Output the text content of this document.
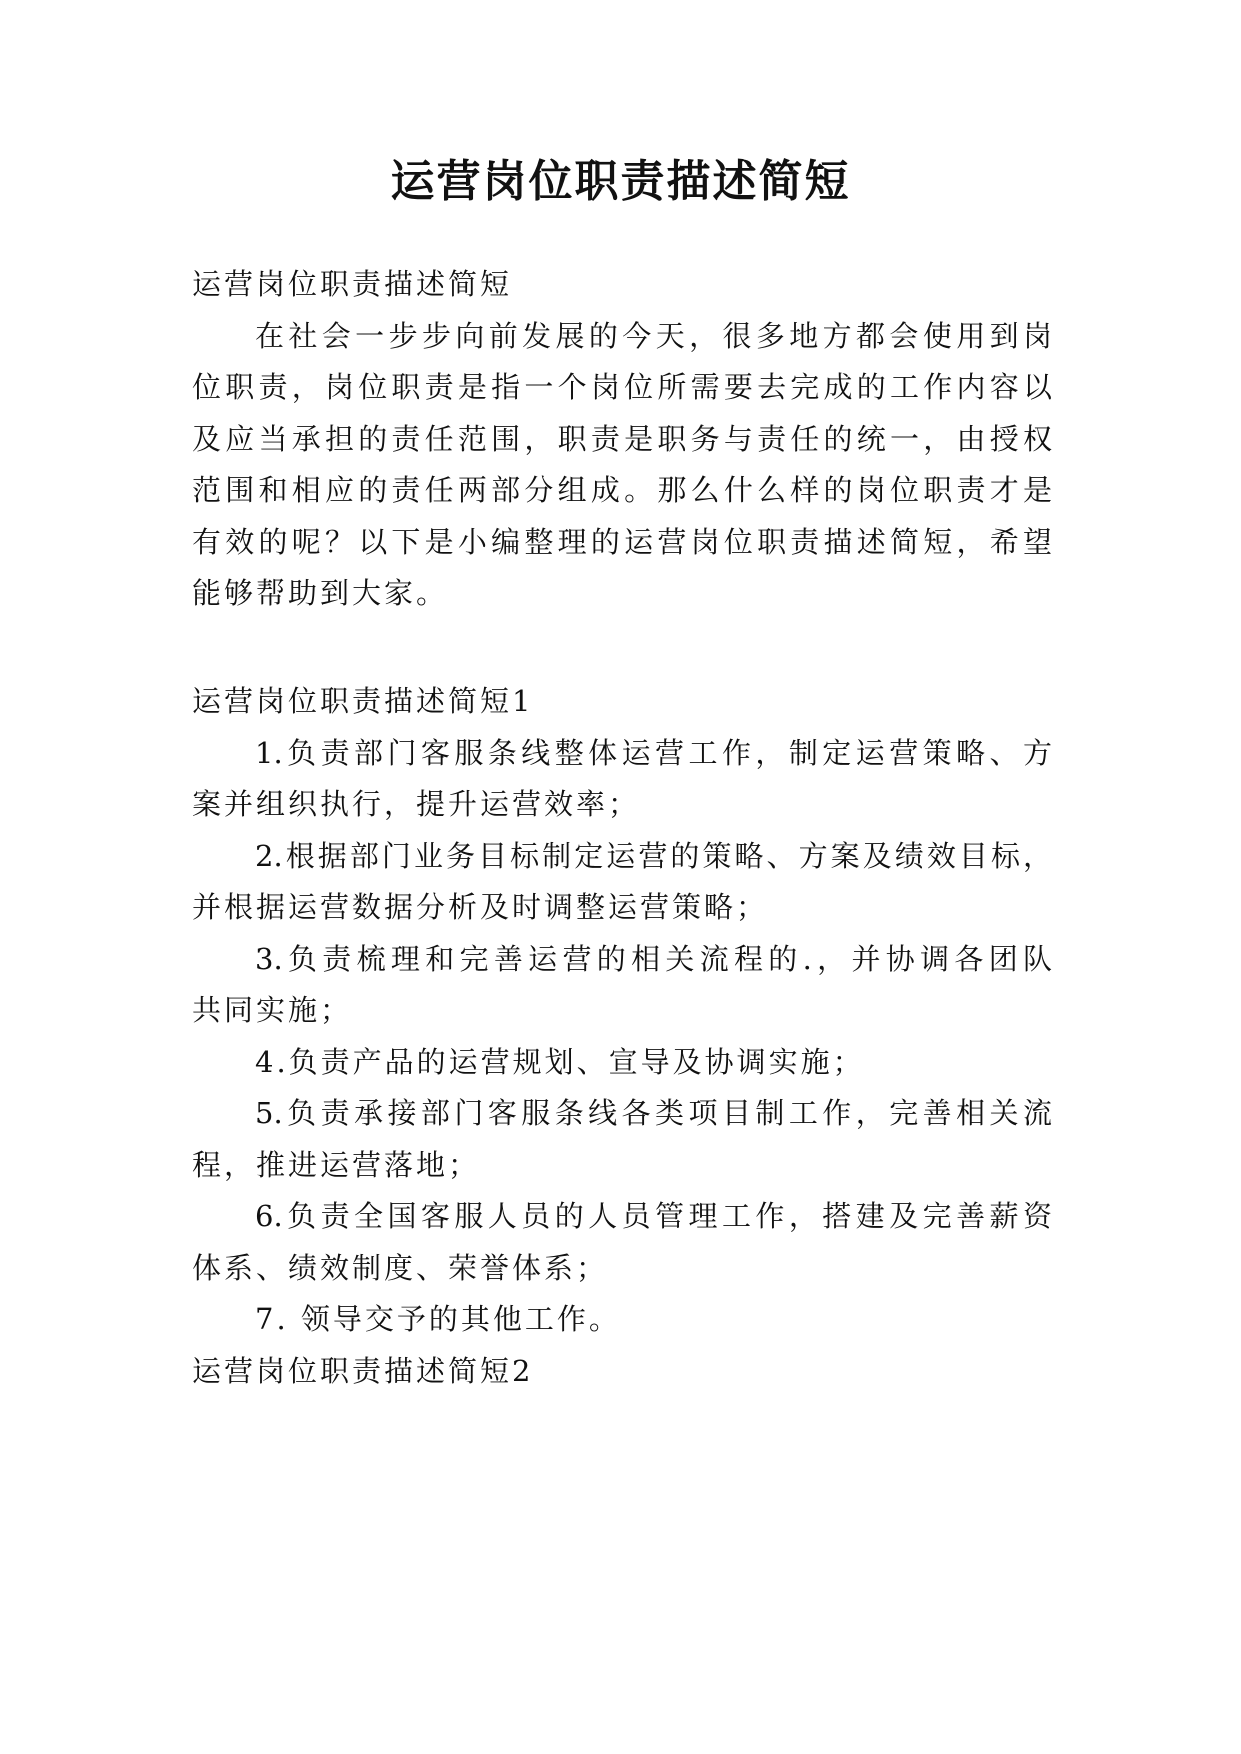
运营岗位职责描述简短
运营岗位职责描述简短
在社会一步步向前发展的今天，很多地方都会使用到岗
位职责，岗位职责是指一个岗位所需要去完成的工作内容以
及应当承担的责任范围，职责是职务与责任的统一，由授权
范围和相应的责任两部分组成。那么什么样的岗位职责才是
有效的呢？以下是小编整理的运营岗位职责描述简短，希望
能够帮助到大家。
运营岗位职责描述简短1
1.负责部门客服条线整体运营工作，制定运营策略、方
案并组织执行，提升运营效率；
2.根据部门业务目标制定运营的策略、方案及绩效目标，
并根据运营数据分析及时调整运营策略；
3.负责梳理和完善运营的相关流程的.，并协调各团队
共同实施；
4.负责产品的运营规划、宣导及协调实施；
5.负责承接部门客服条线各类项目制工作，完善相关流
程，推进运营落地；
6.负责全国客服人员的人员管理工作，搭建及完善薪资
体系、绩效制度、荣誉体系；
7. 领导交予的其他工作。
运营岗位职责描述简短2
